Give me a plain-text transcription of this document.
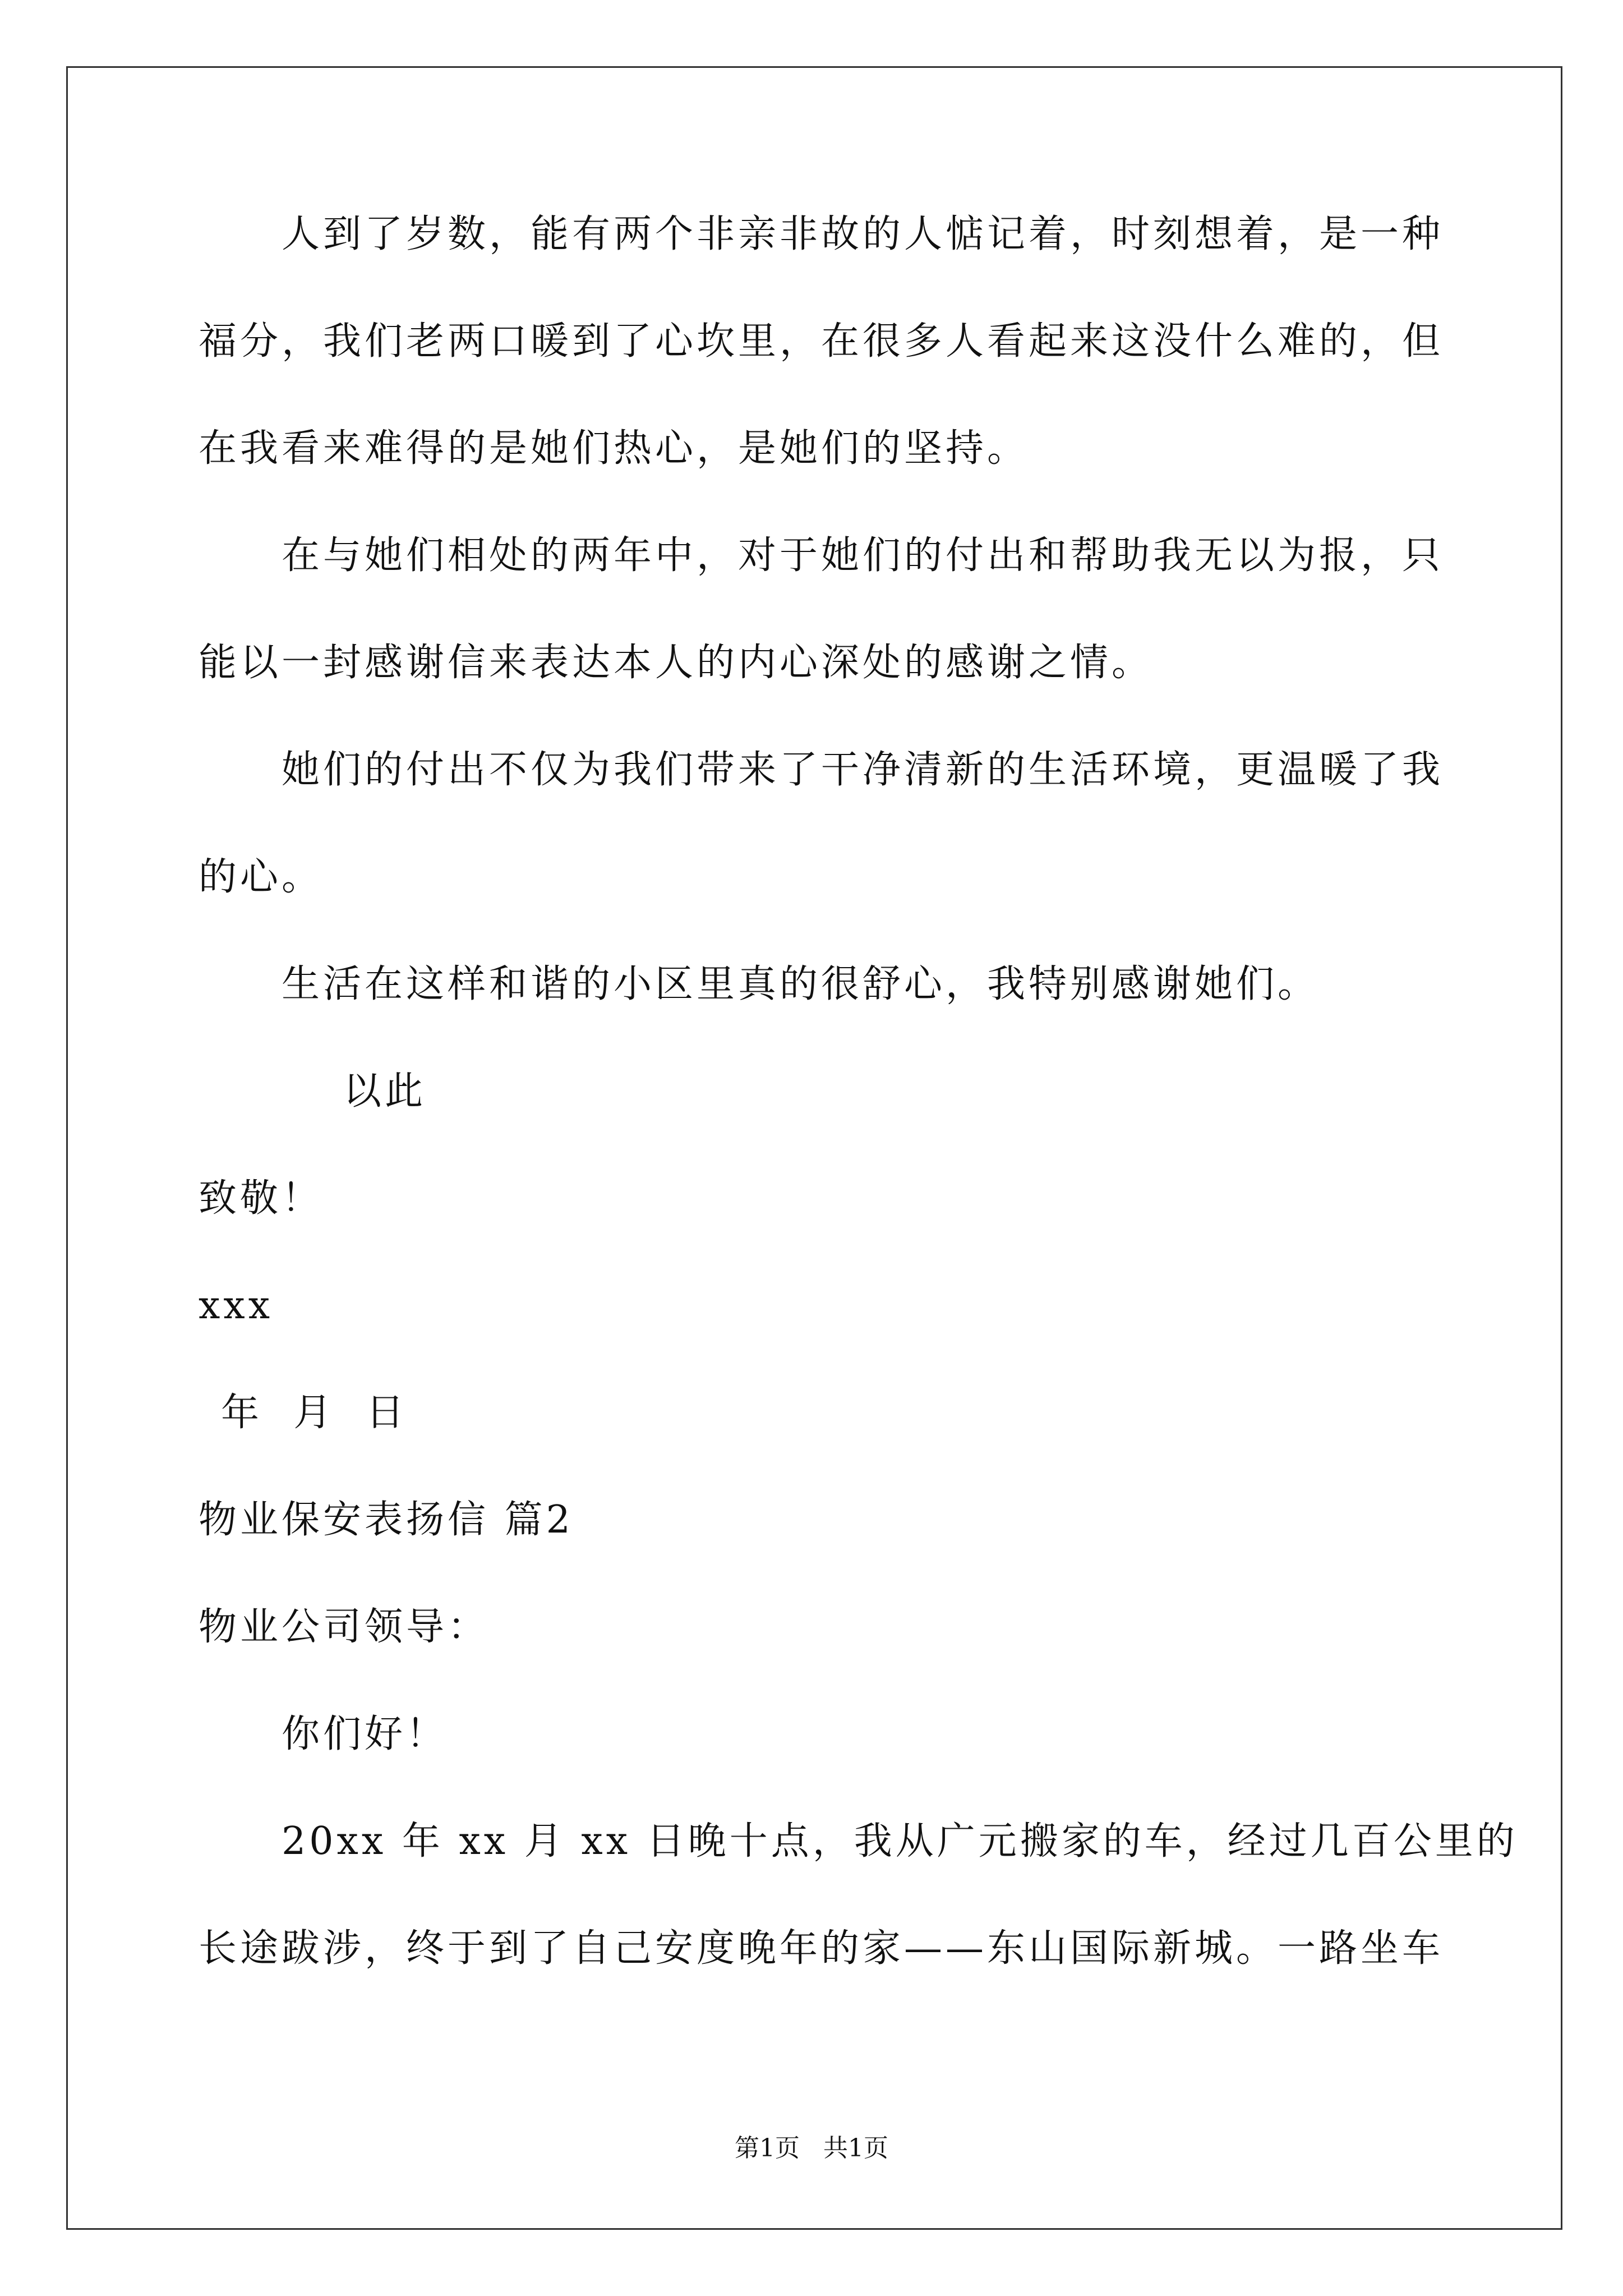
人到了岁数，能有两个非亲非故的人惦记着，时刻想着，是一种
福分，我们老两口暖到了心坎里，在很多人看起来这没什么难的，但
在我看来难得的是她们热心，是她们的坚持。
在与她们相处的两年中，对于她们的付出和帮助我无以为报，只
能以一封感谢信来表达本人的内心深处的感谢之情。
她们的付出不仅为我们带来了干净清新的生活环境，更温暖了我
的心。
生活在这样和谐的小区里真的很舒心，我特别感谢她们。
以此
致敬！
xxx
年  月  日
物业保安表扬信 篇2
物业公司领导：
你们好！
20xx 年 xx 月 xx 日晚十点，我从广元搬家的车，经过几百公里的
长途跋涉，终于到了自己安度晚年的家——东山国际新城。一路坐车
第1页   共1页
